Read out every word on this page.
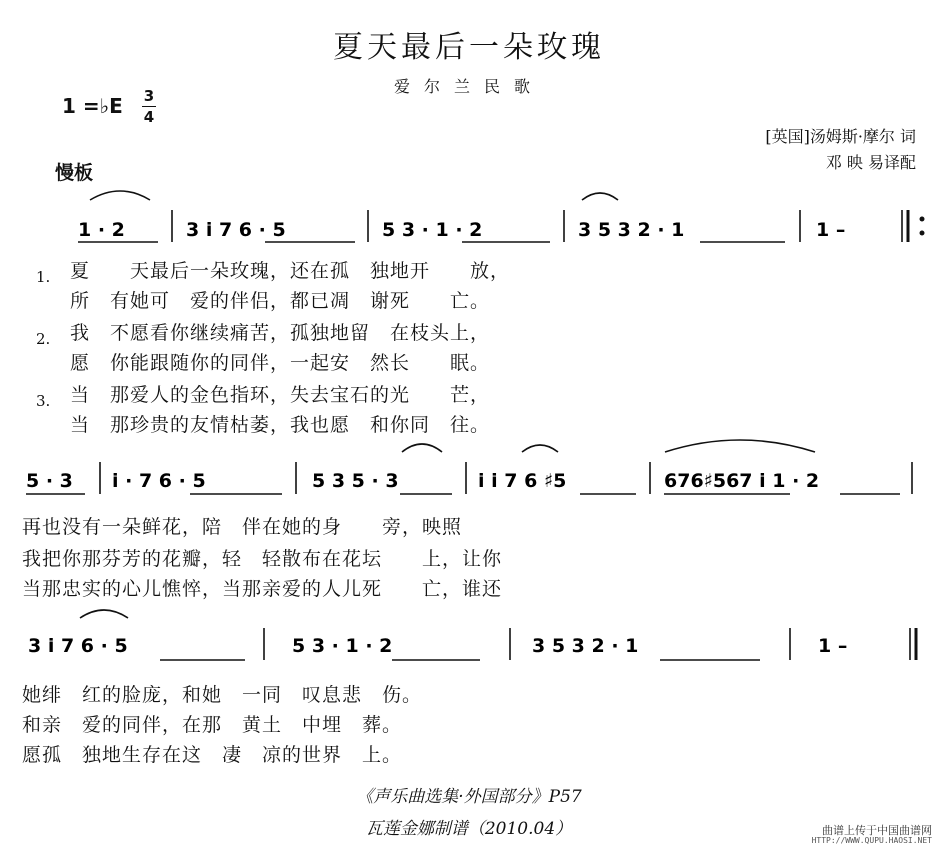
夏天最后一朵玫瑰
爱尔兰民歌
1 =♭E 3
4
慢板
[英国]汤姆斯·摩尔 词
邓 映 易译配
1 · 2	3 i 7 6 · 5	5 3 · 1 · 2	3 5 3 2 · 1	1 –
5 · 3 i · 7 6 · 5	5 3 5 · 3	i i 7 6 ♯5	676♯567 i 1 · 2
3 i 7 6 · 5	5 3 · 1 · 2	3 5 3 2 · 1	1 –
1.
2.
3.
夏　　天最后一朵玫瑰，还在孤　独地开　　放，
所　有她可　爱的伴侣，都已凋　谢死　　亡。
我　不愿看你继续痛苦，孤独地留　在枝头上，
愿　你能跟随你的同伴，一起安　然长　　眠。
当　那爱人的金色指环，失去宝石的光　　芒，
当　那珍贵的友情枯萎，我也愿　和你同　往。
再也没有一朵鲜花，陪　伴在她的身　　旁，映照
我把你那芬芳的花瓣，轻　轻散布在花坛　　上，让你
当那忠实的心儿憔悴，当那亲爱的人儿死　　亡，谁还
她绯　红的脸庞，和她　一同　叹息悲　伤。
和亲　爱的同伴，在那　黄土　中埋　葬。
愿孤　独地生存在这　凄　凉的世界　上。
《声乐曲选集·外国部分》P57
瓦莲金娜制谱（2010.04）	曲谱上传于中国曲谱网
HTTP://WWW.QUPU.HAOSI.NET
